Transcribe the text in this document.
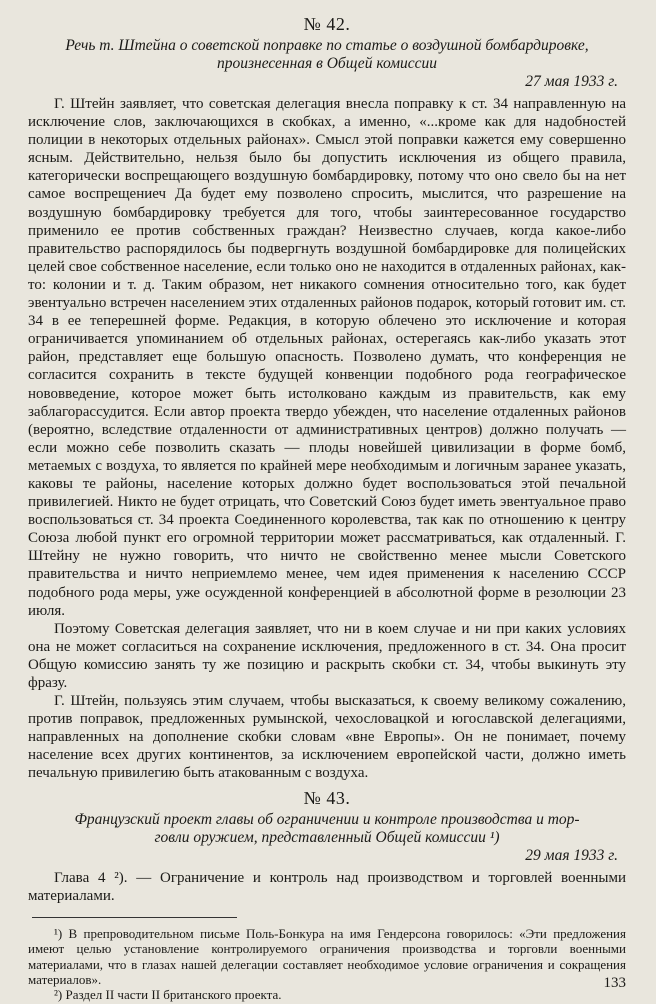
№ 42.

Речь т. Штейна о советской поправке по статье о воздушной бомбардировке,
произнесенная в Общей комиссии

27 мая 1933 г.

Г. Штейн заявляет, что советская делегация внесла поправку к ст. 34 направленную на исключение слов, заключающихся в скобках, а именно, «...кроме как для надобностей полиции в некоторых отдельных районах». Смысл этой поправки кажется ему совершенно ясным. Действительно, нельзя было бы допустить исключения из общего правила, категорически воспрещающего воздушную бомбардировку, потому что оно свело бы на нет самое воспрещениеч Да будет ему позволено спросить, мыслится, что разрешение на воздушную бомбардировку требуется для того, чтобы заинтересованное государство применило ее против собственных граждан? Неизвестно случаев, когда какое-либо правительство распорядилось бы подвергнуть воздушной бомбардировке для полицейских целей свое собственное население, если только оно не находится в отдаленных районах, как-то: колонии и т. д. Таким образом, нет никакого сомнения относительно того, как будет эвентуально встречен населением этих отдаленных районов подарок, который готовит им. ст. 34 в ее теперешней форме. Редакция, в которую облечено это исключение и которая ограничивается упоминанием об отдельных районах, остерегаясь как-либо указать этот район, представляет еще большую опасность. Позволено думать, что конференция не согласится сохранить в тексте будущей конвенции подобного рода географическое нововведение, которое может быть истолковано каждым из правительств, как ему заблагорассудится. Если автор проекта твердо убежден, что население отдаленных районов (вероятно, вследствие отдаленности от административных центров) должно получать — если можно себе позволить сказать — плоды новейшей цивилизации в форме бомб, метаемых с воздуха, то является по крайней мере необходимым и логичным заранее указать, каковы те районы, население которых должно будет воспользоваться этой печальной привилегией. Никто не будет отрицать, что Советский Союз будет иметь эвентуальное право воспользоваться ст. 34 проекта Соединенного королевства, так как по отношению к центру Союза любой пункт его огромной территории может рассматриваться, как отдаленный. Г. Штейну не нужно говорить, что ничто не свойственно менее мысли Советского правительства и ничто неприемлемо менее, чем идея применения к населению СССР подобного рода меры, уже осужденной конференцией в абсолютной форме в резолюции 23 июля.

Поэтому Советская делегация заявляет, что ни в коем случае и ни при каких условиях она не может согласиться на сохранение исключения, предложенного в ст. 34. Она просит Общую комиссию занять ту же позицию и раскрыть скобки ст. 34, чтобы выкинуть эту фразу.

Г. Штейн, пользуясь этим случаем, чтобы высказаться, к своему великому сожалению, против поправок, предложенных румынской, чехословацкой и югославской делегациями, направленных на дополнение скобки словам «вне Европы». Он не понимает, почему население всех других континентов, за исключением европейской части, должно иметь печальную привилегию быть атакованным с воздуха.

№ 43.

Французский проект главы об ограничении и контроле производства и тор-
говли оружием, представленный Общей комиссии ¹)

29 мая 1933 г.

Глава 4 ²). — Ограничение и контроль над производством и торговлей военными материалами.

¹) В препроводительном письме Поль-Бонкура на имя Гендерсона говорилось: «Эти предложения имеют целью установление контролируемого ограничения производства и торговли военными материалами, что в глазах нашей делегации составляет необходимое условие ограничения и сокращения материалов».

²) Раздел II части II британского проекта.

133
